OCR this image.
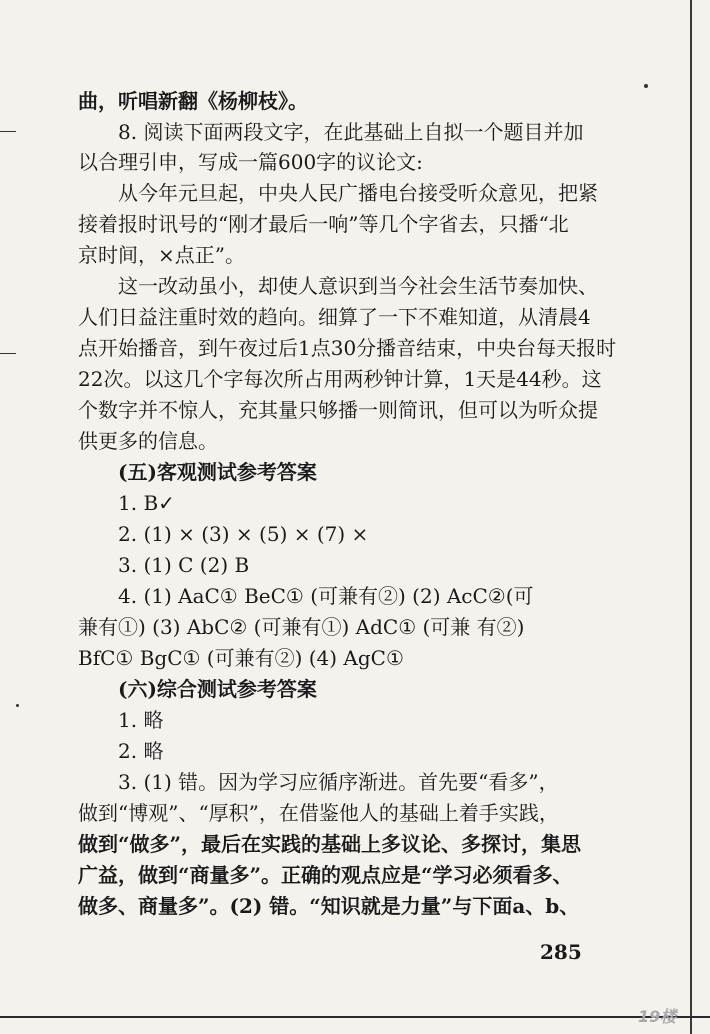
曲，听唱新翻《杨柳枝》。
8. 阅读下面两段文字，在此基础上自拟一个题目并加
以合理引申，写成一篇600字的议论文:
从今年元旦起，中央人民广播电台接受听众意见，把紧
接着报时讯号的“刚才最后一响”等几个字省去，只播“北
京时间，×点正”。
这一改动虽小，却使人意识到当今社会生活节奏加快、
人们日益注重时效的趋向。细算了一下不难知道，从清晨4
点开始播音，到午夜过后1点30分播音结束，中央台每天报时
22次。以这几个字每次所占用两秒钟计算，1天是44秒。这
个数字并不惊人，充其量只够播一则简讯，但可以为听众提
供更多的信息。
(五)客观测试参考答案
1. B✓
2. (1) × (3) × (5) × (7) ×
3. (1) C (2) B
4. (1) AaC① BeC① (可兼有②) (2) AcC②(可
兼有①) (3) AbC② (可兼有①) AdC① (可兼 有②)
BfC① BgC① (可兼有②) (4) AgC①
(六)综合测试参考答案
1. 略
2. 略
3. (1) 错。因为学习应循序渐进。首先要“看多”，
做到“博观”、“厚积”，在借鉴他人的基础上着手实践，
做到“做多”，最后在实践的基础上多议论、多探讨，集思
广益，做到“商量多”。正确的观点应是“学习必须看多、
做多、商量多”。(2) 错。“知识就是力量”与下面a、b、
285
19楼
